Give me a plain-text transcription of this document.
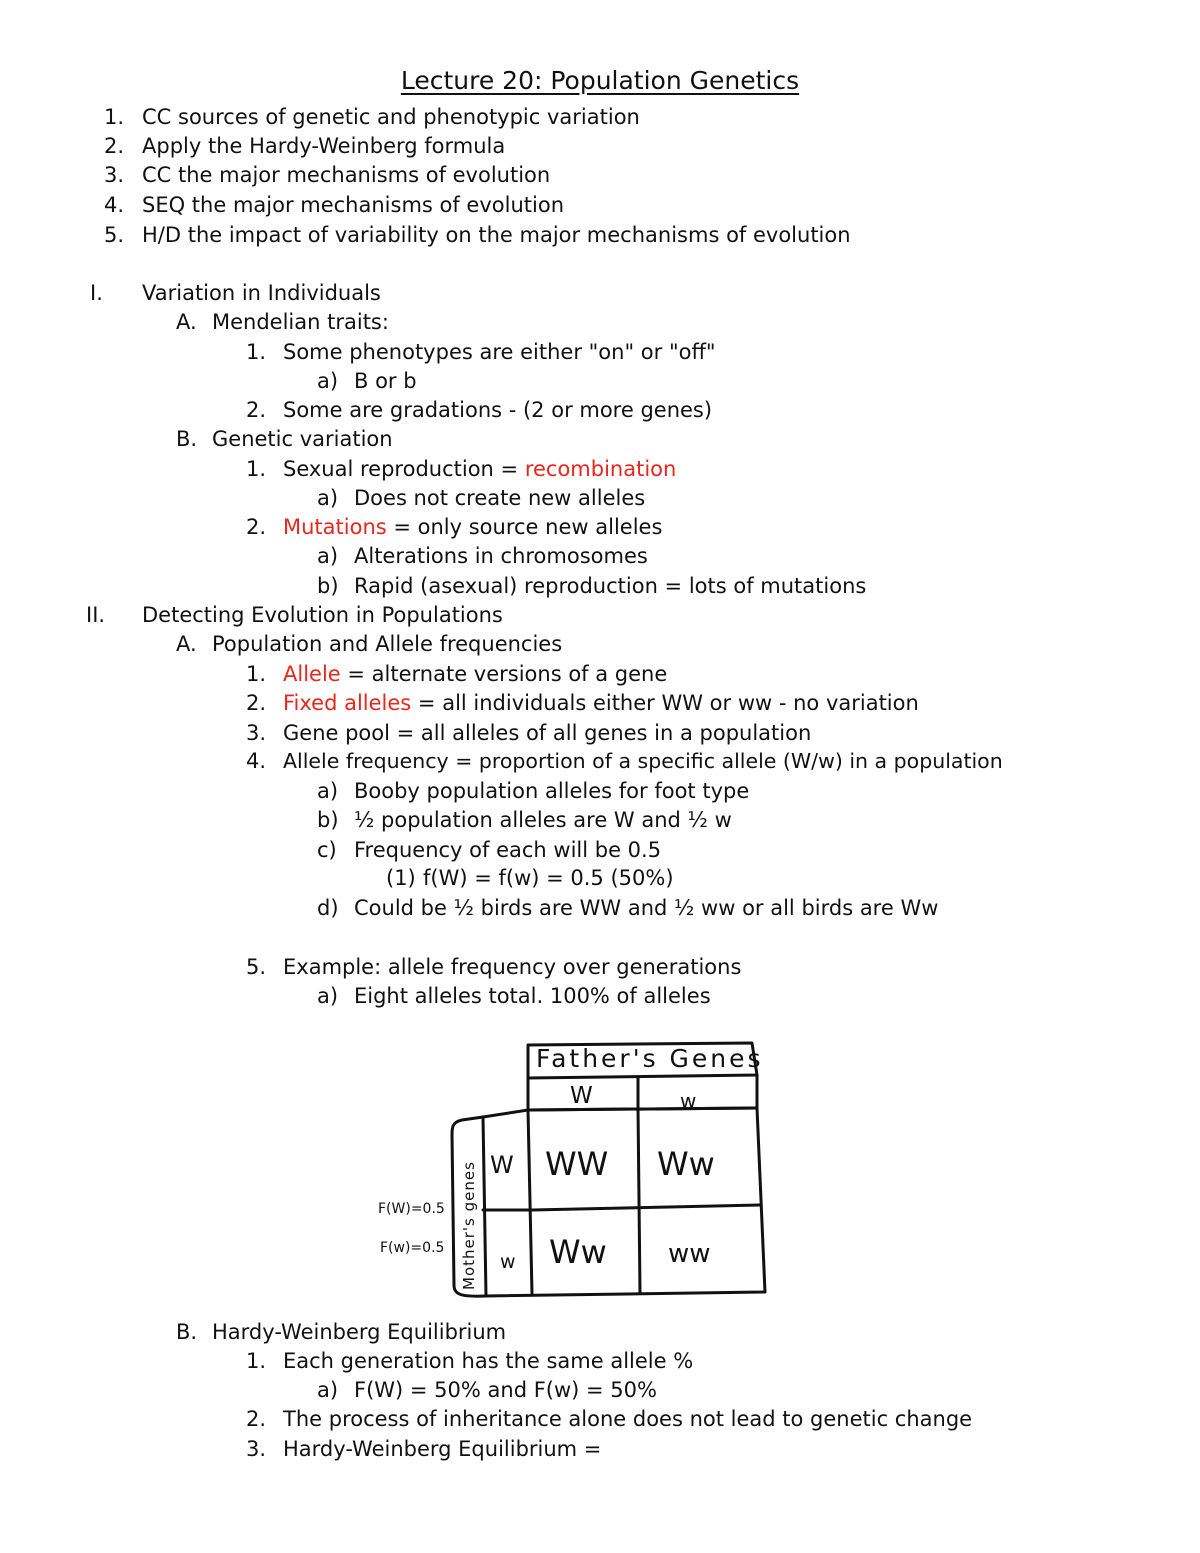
Lecture 20: Population Genetics
1. CC sources of genetic and phenotypic variation
2. Apply the Hardy-Weinberg formula
3. CC the major mechanisms of evolution
4. SEQ the major mechanisms of evolution
5. H/D the impact of variability on the major mechanisms of evolution
I. Variation in Individuals
A. Mendelian traits:
1. Some phenotypes are either "on" or "off"
a) B or b
2. Some are gradations - (2 or more genes)
B. Genetic variation
1. Sexual reproduction = recombination
a) Does not create new alleles
2. Mutations = only source new alleles
a) Alterations in chromosomes
b) Rapid (asexual) reproduction = lots of mutations
II. Detecting Evolution in Populations
A. Population and Allele frequencies
1. Allele = alternate versions of a gene
2. Fixed alleles = all individuals either WW or ww - no variation
3. Gene pool = all alleles of all genes in a population
4. Allele frequency = proportion of a specific allele (W/w) in a population
a) Booby population alleles for foot type
b) ½ population alleles are W and ½ w
c) Frequency of each will be 0.5
(1) f(W) = f(w) = 0.5 (50%)
d) Could be ½ birds are WW and ½ ww or all birds are Ww
5. Example: allele frequency over generations
a) Eight alleles total. 100% of alleles
Father's Genes
W	w
W
w
WW Ww
Ww ww
Mother's genes
F(W)=0.5
F(w)=0.5
B. Hardy-Weinberg Equilibrium
1. Each generation has the same allele %
a) F(W) = 50% and F(w) = 50%
2. The process of inheritance alone does not lead to genetic change
3. Hardy-Weinberg Equilibrium =
